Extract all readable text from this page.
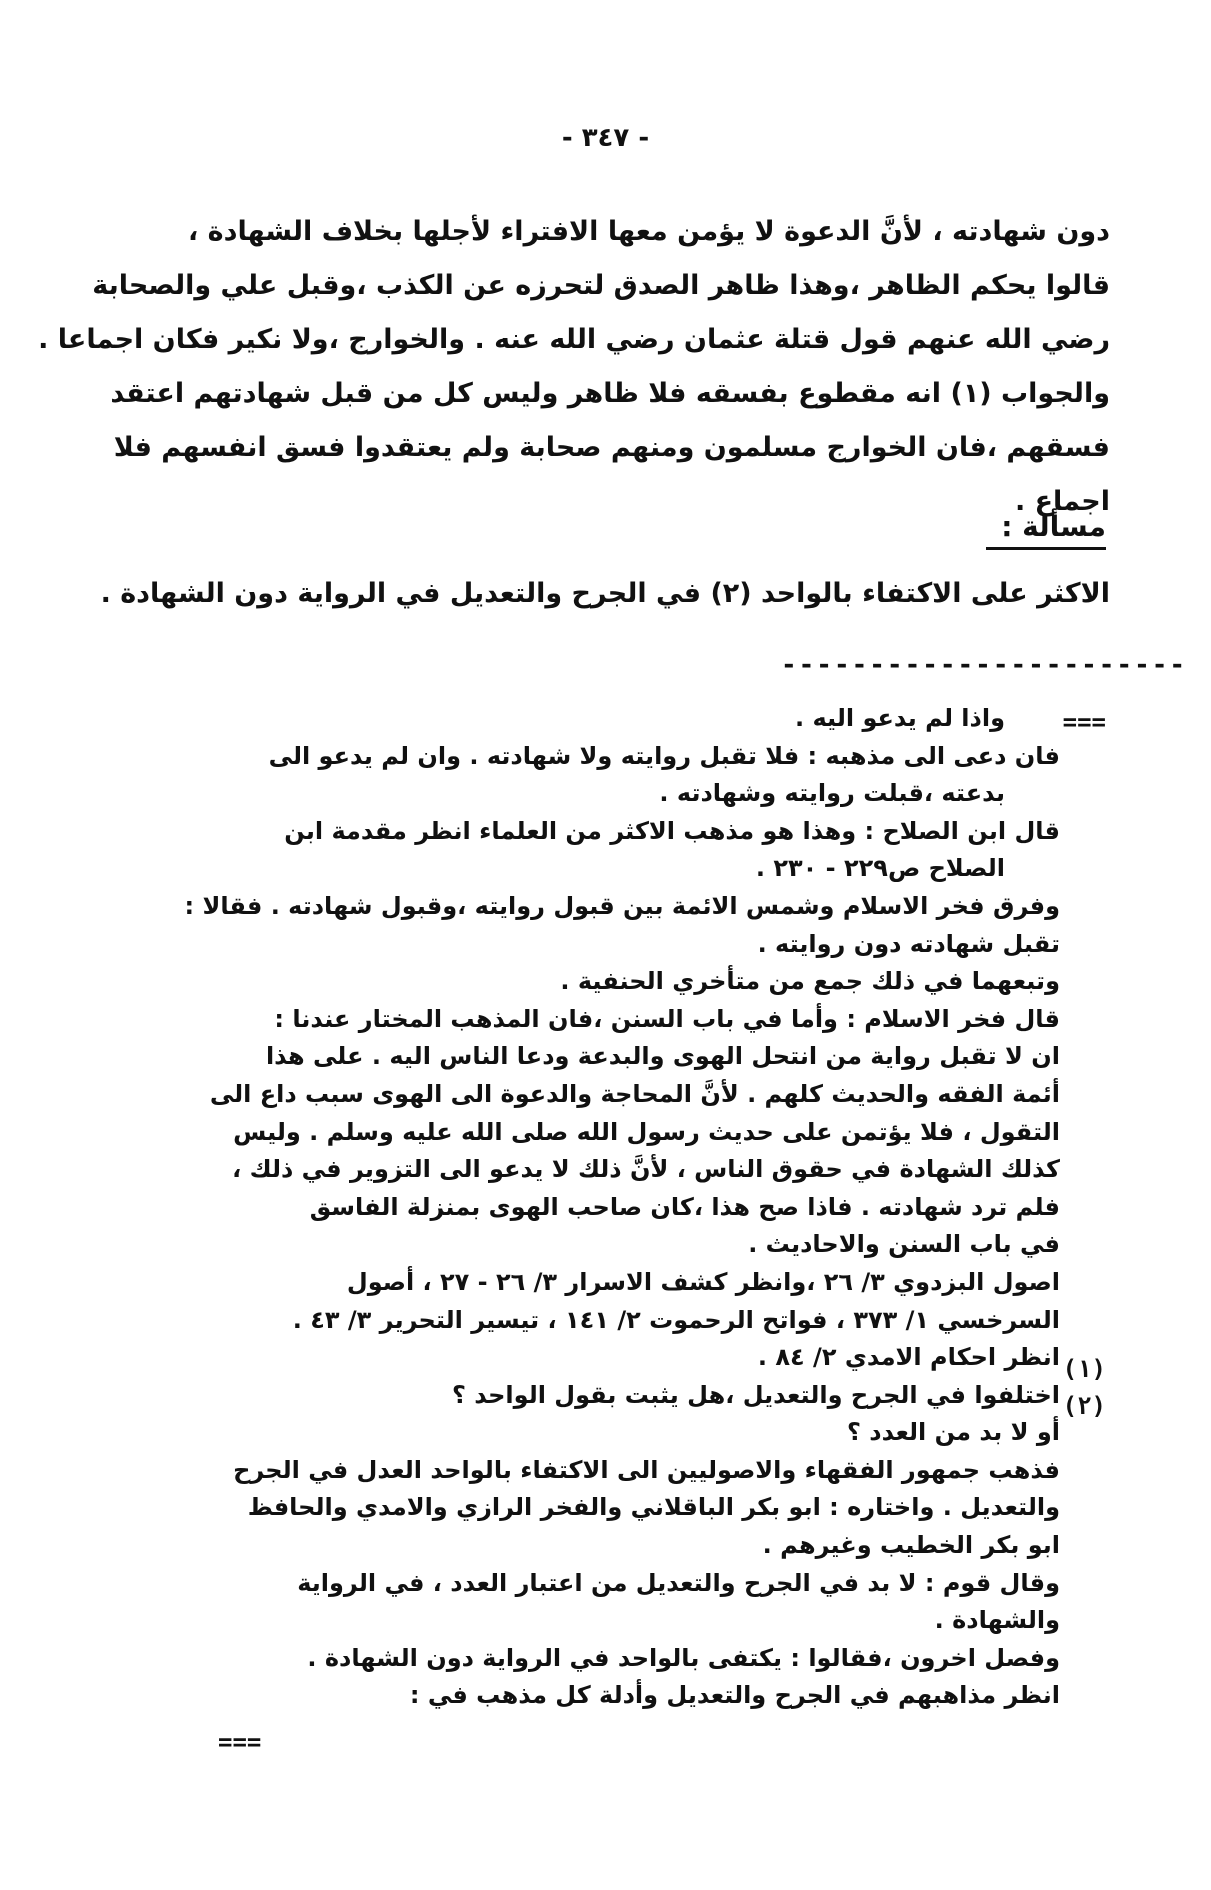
- ٣٤٧ -
دون شهادته ، لأنَّ الدعوة لا يؤمن معها الافتراء لأجلها بخلاف الشهادة ،
قالوا يحكم الظاهر ،وهذا ظاهر الصدق لتحرزه عن الكذب ،وقبل علي والصحابة
رضي الله عنهم قول قتلة عثمان رضي الله عنه . والخوارج ،ولا نكير فكان اجماعا .
والجواب (١) انه مقطوع بفسقه فلا ظاهر وليس كل من قبل شهادتهم اعتقد
فسقهم ،فان الخوارج مسلمون ومنهم صحابة ولم يعتقدوا فسق انفسهم فلا
اجماع .
مسألة :
الاكثر على الاكتفاء بالواحد (٢) في الجرح والتعديل في الرواية دون الشهادة .
-----------------------
===
(١)
(٢)
واذا لم يدعو اليه .
فان دعى الى مذهبه : فلا تقبل روايته ولا شهادته . وان لم يدعو الى
بدعته ،قبلت روايته وشهادته .
قال ابن الصلاح : وهذا هو مذهب الاكثر من العلماء انظر مقدمة ابن
الصلاح ص٢٢٩ - ٢٣٠ .
وفرق فخر الاسلام وشمس الائمة بين قبول روايته ،وقبول شهادته . فقالا :
تقبل شهادته دون روايته .
وتبعهما في ذلك جمع من متأخري الحنفية .
قال فخر الاسلام : وأما في باب السنن ،فان المذهب المختار عندنا :
ان لا تقبل رواية من انتحل الهوى والبدعة ودعا الناس اليه . على هذا
أئمة الفقه والحديث كلهم . لأنَّ المحاجة والدعوة الى الهوى سبب داع الى
التقول ، فلا يؤتمن على حديث رسول الله صلى الله عليه وسلم . وليس
كذلك الشهادة في حقوق الناس ، لأنَّ ذلك لا يدعو الى التزوير في ذلك ،
فلم ترد شهادته . فاذا صح هذا ،كان صاحب الهوى بمنزلة الفاسق
في باب السنن والاحاديث .
اصول البزدوي ٣/ ٢٦ ،وانظر كشف الاسرار ٣/ ٢٦ - ٢٧ ، أصول
السرخسي ١/ ٣٧٣ ، فواتح الرحموت ٢/ ١٤١ ، تيسير التحرير ٣/ ٤٣ .
انظر احكام الامدي ٢/ ٨٤ .
اختلفوا في الجرح والتعديل ،هل يثبت بقول الواحد ؟
أو لا بد من العدد ؟
فذهب جمهور الفقهاء والاصوليين الى الاكتفاء بالواحد العدل في الجرح
والتعديل . واختاره : ابو بكر الباقلاني والفخر الرازي والامدي والحافظ
ابو بكر الخطيب وغيرهم .
وقال قوم : لا بد في الجرح والتعديل من اعتبار العدد ، في الرواية
والشهادة .
وفصل اخرون ،فقالوا : يكتفى بالواحد في الرواية دون الشهادة .
انظر مذاهبهم في الجرح والتعديل وأدلة كل مذهب في :
===
